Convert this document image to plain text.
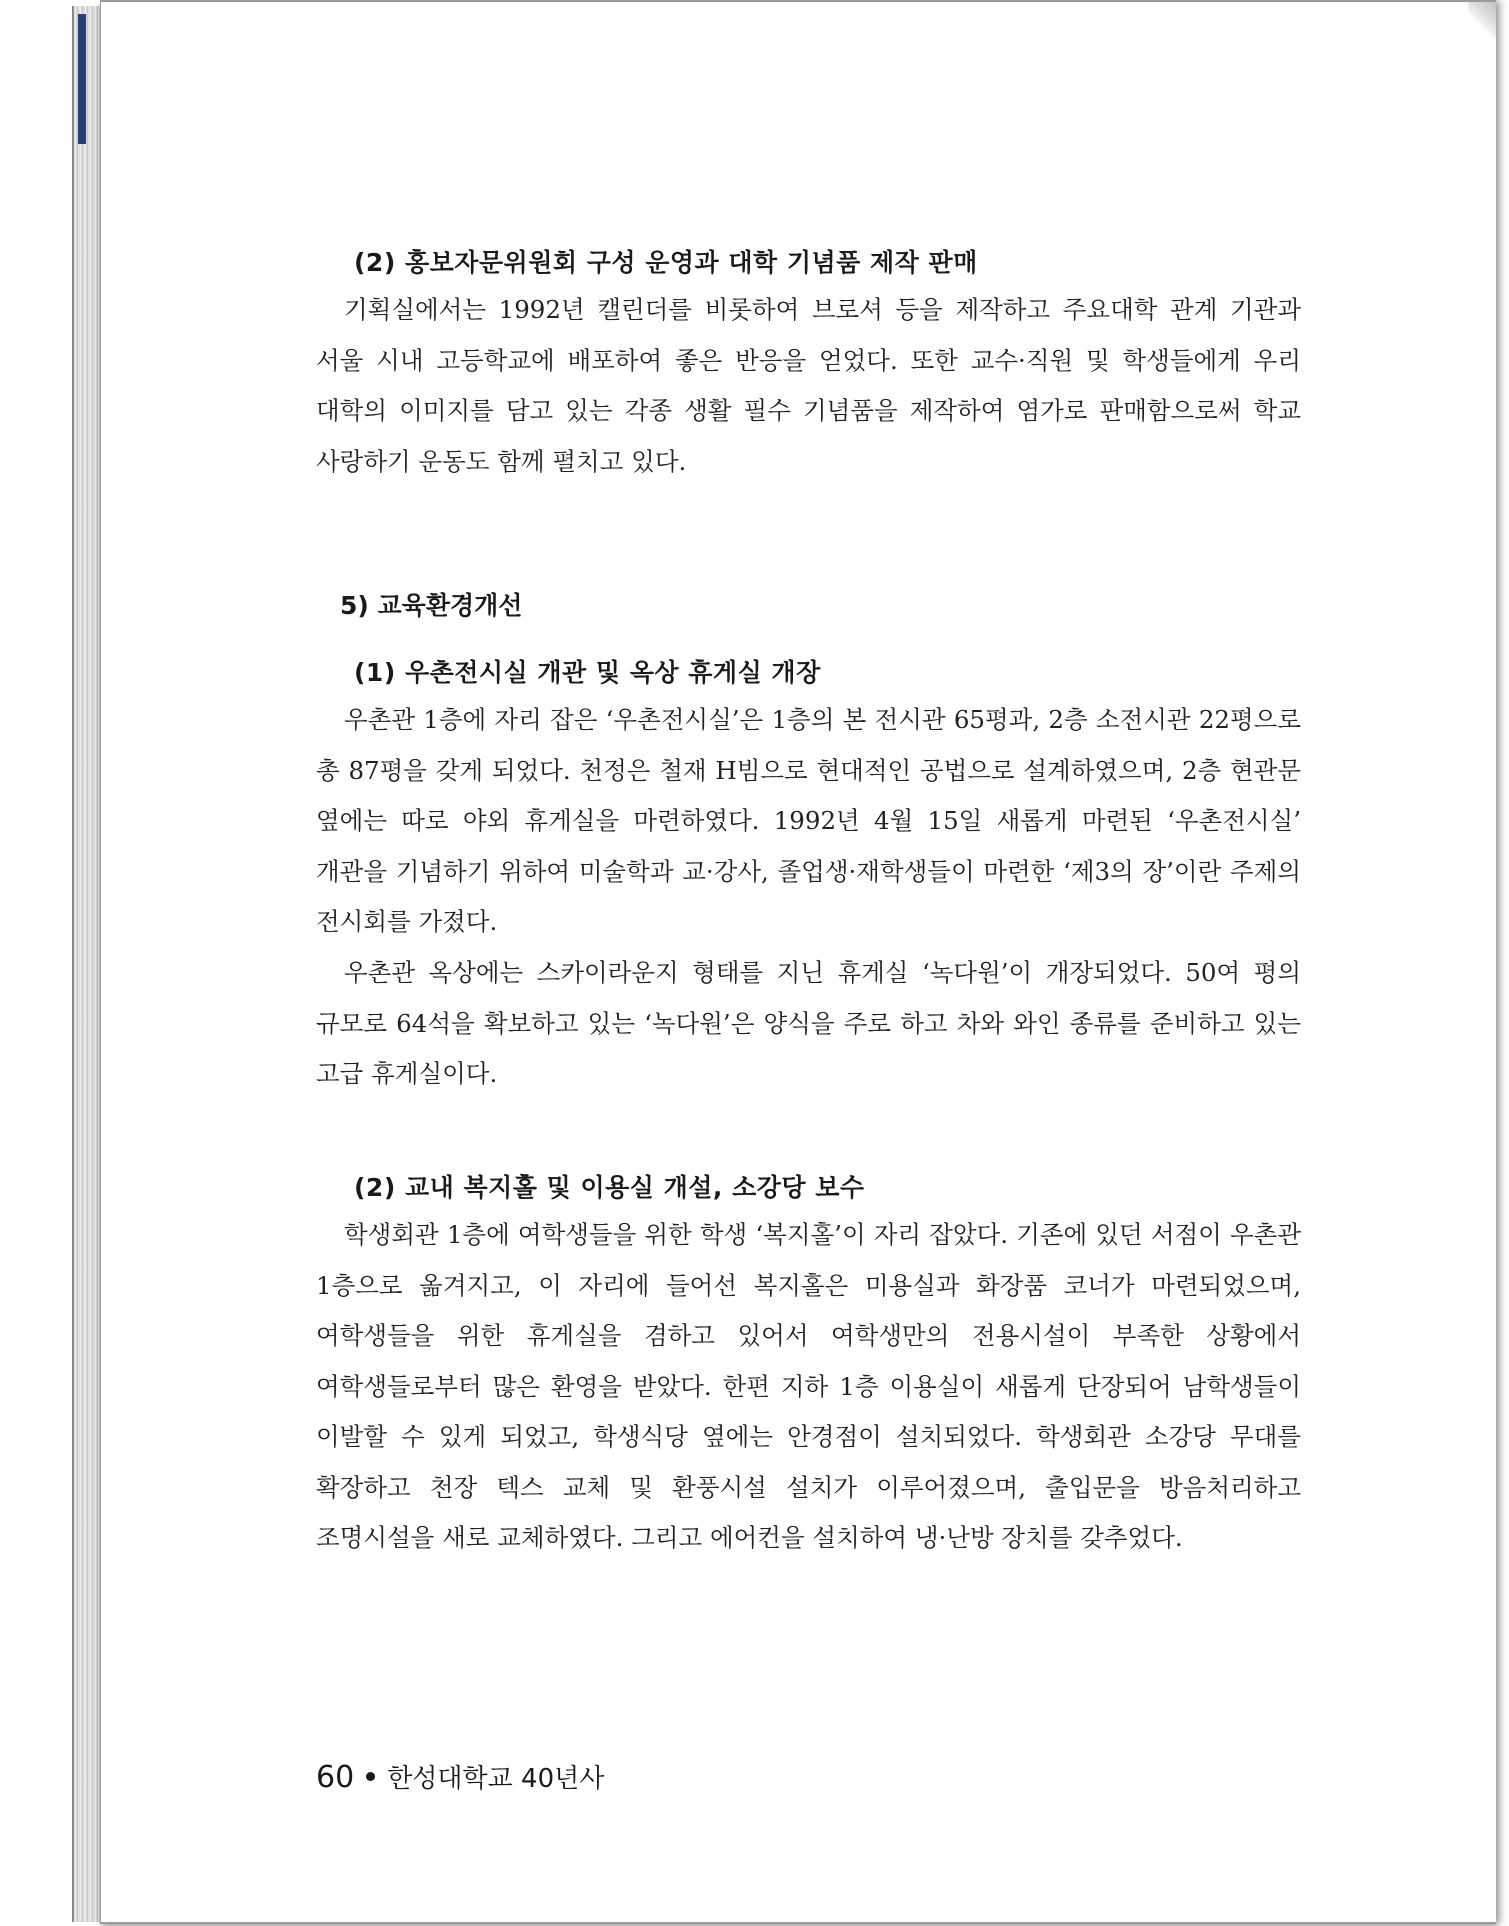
(2) 홍보자문위원회 구성 운영과 대학 기념품 제작 판매

기획실에서는 1992년 캘린더를 비롯하여 브로셔 등을 제작하고 주요대학 관계 기관과 서울 시내 고등학교에 배포하여 좋은 반응을 얻었다. 또한 교수·직원 및 학생들에게 우리 대학의 이미지를 담고 있는 각종 생활 필수 기념품을 제작하여 염가로 판매함으로써 학교 사랑하기 운동도 함께 펼치고 있다.

5) 교육환경개선
(1) 우촌전시실 개관 및 옥상 휴게실 개장

우촌관 1층에 자리 잡은 ‘우촌전시실’은 1층의 본 전시관 65평과, 2층 소전시관 22평으로 총 87평을 갖게 되었다. 천정은 철재 H빔으로 현대적인 공법으로 설계하였으며, 2층 현관문 옆에는 따로 야외 휴게실을 마련하였다. 1992년 4월 15일 새롭게 마련된 ‘우촌전시실’ 개관을 기념하기 위하여 미술학과 교·강사, 졸업생·재학생들이 마련한 ‘제3의 장’이란 주제의 전시회를 가졌다.

우촌관 옥상에는 스카이라운지 형태를 지닌 휴게실 ‘녹다원’이 개장되었다. 50여 평의 규모로 64석을 확보하고 있는 ‘녹다원’은 양식을 주로 하고 차와 와인 종류를 준비하고 있는 고급 휴게실이다.

(2) 교내 복지홀 및 이용실 개설, 소강당 보수

학생회관 1층에 여학생들을 위한 학생 ‘복지홀’이 자리 잡았다. 기존에 있던 서점이 우촌관 1층으로 옮겨지고, 이 자리에 들어선 복지홀은 미용실과 화장품 코너가 마련되었으며, 여학생들을 위한 휴게실을 겸하고 있어서 여학생만의 전용시설이 부족한 상황에서 여학생들로부터 많은 환영을 받았다. 한편 지하 1층 이용실이 새롭게 단장되어 남학생들이 이발할 수 있게 되었고, 학생식당 옆에는 안경점이 설치되었다. 학생회관 소강당 무대를 확장하고 천장 텍스 교체 및 환풍시설 설치가 이루어졌으며, 출입문을 방음처리하고 조명시설을 새로 교체하였다. 그리고 에어컨을 설치하여 냉·난방 장치를 갖추었다.

60 한성대학교 40년사
